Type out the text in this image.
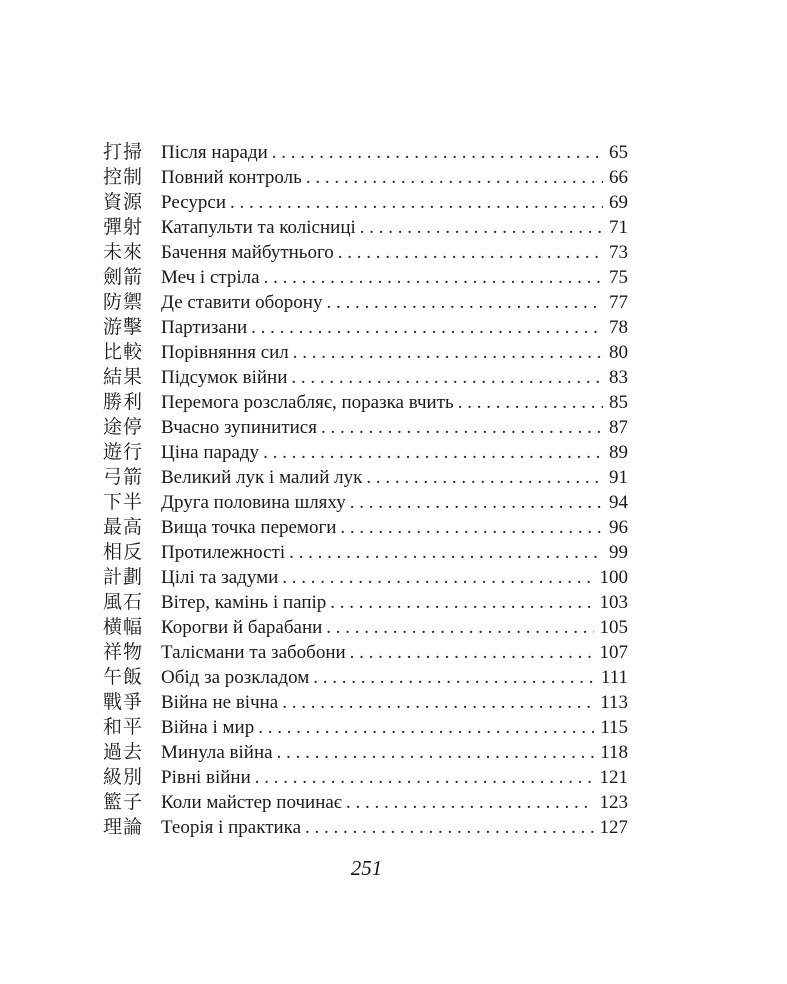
打掃 Після наради . . .	65
控制 Повний контроль . . .	66
資源 Ресурси . . .	69
彈射 Катапульти та колісниці . . .	71
未來 Бачення майбутнього . . .	73
劍箭 Меч і стріла . . .	75
防禦 Де ставити оборону . . .	77
游擊 Партизани . . .	78
比較 Порівняння сил . . .	80
結果 Підсумок війни . . .	83
勝利 Перемога розслабляє, поразка вчить . . .	85
途停 Вчасно зупинитися . . .	87
遊行 Ціна параду . . .	89
弓箭 Великий лук і малий лук . . .	91
下半 Друга половина шляху . . .	94
最高 Вища точка перемоги . . .	96
相反 Протилежності . . .	99
計劃 Цілі та задуми . . .	100
風石 Вітер, камінь і папір . . .	103
横幅 Корогви й барабани . . .	105
祥物 Талісмани та забобони . . .	107
午飯 Обід за розкладом . . .	111
戰爭 Війна не вічна . . .	113
和平 Війна і мир . . .	115
過去 Минула війна . . .	118
級別 Рівні війни . . .	121
籃子 Коли майстер починає . . .	123
理論 Теорія і практика . . .	127
251
